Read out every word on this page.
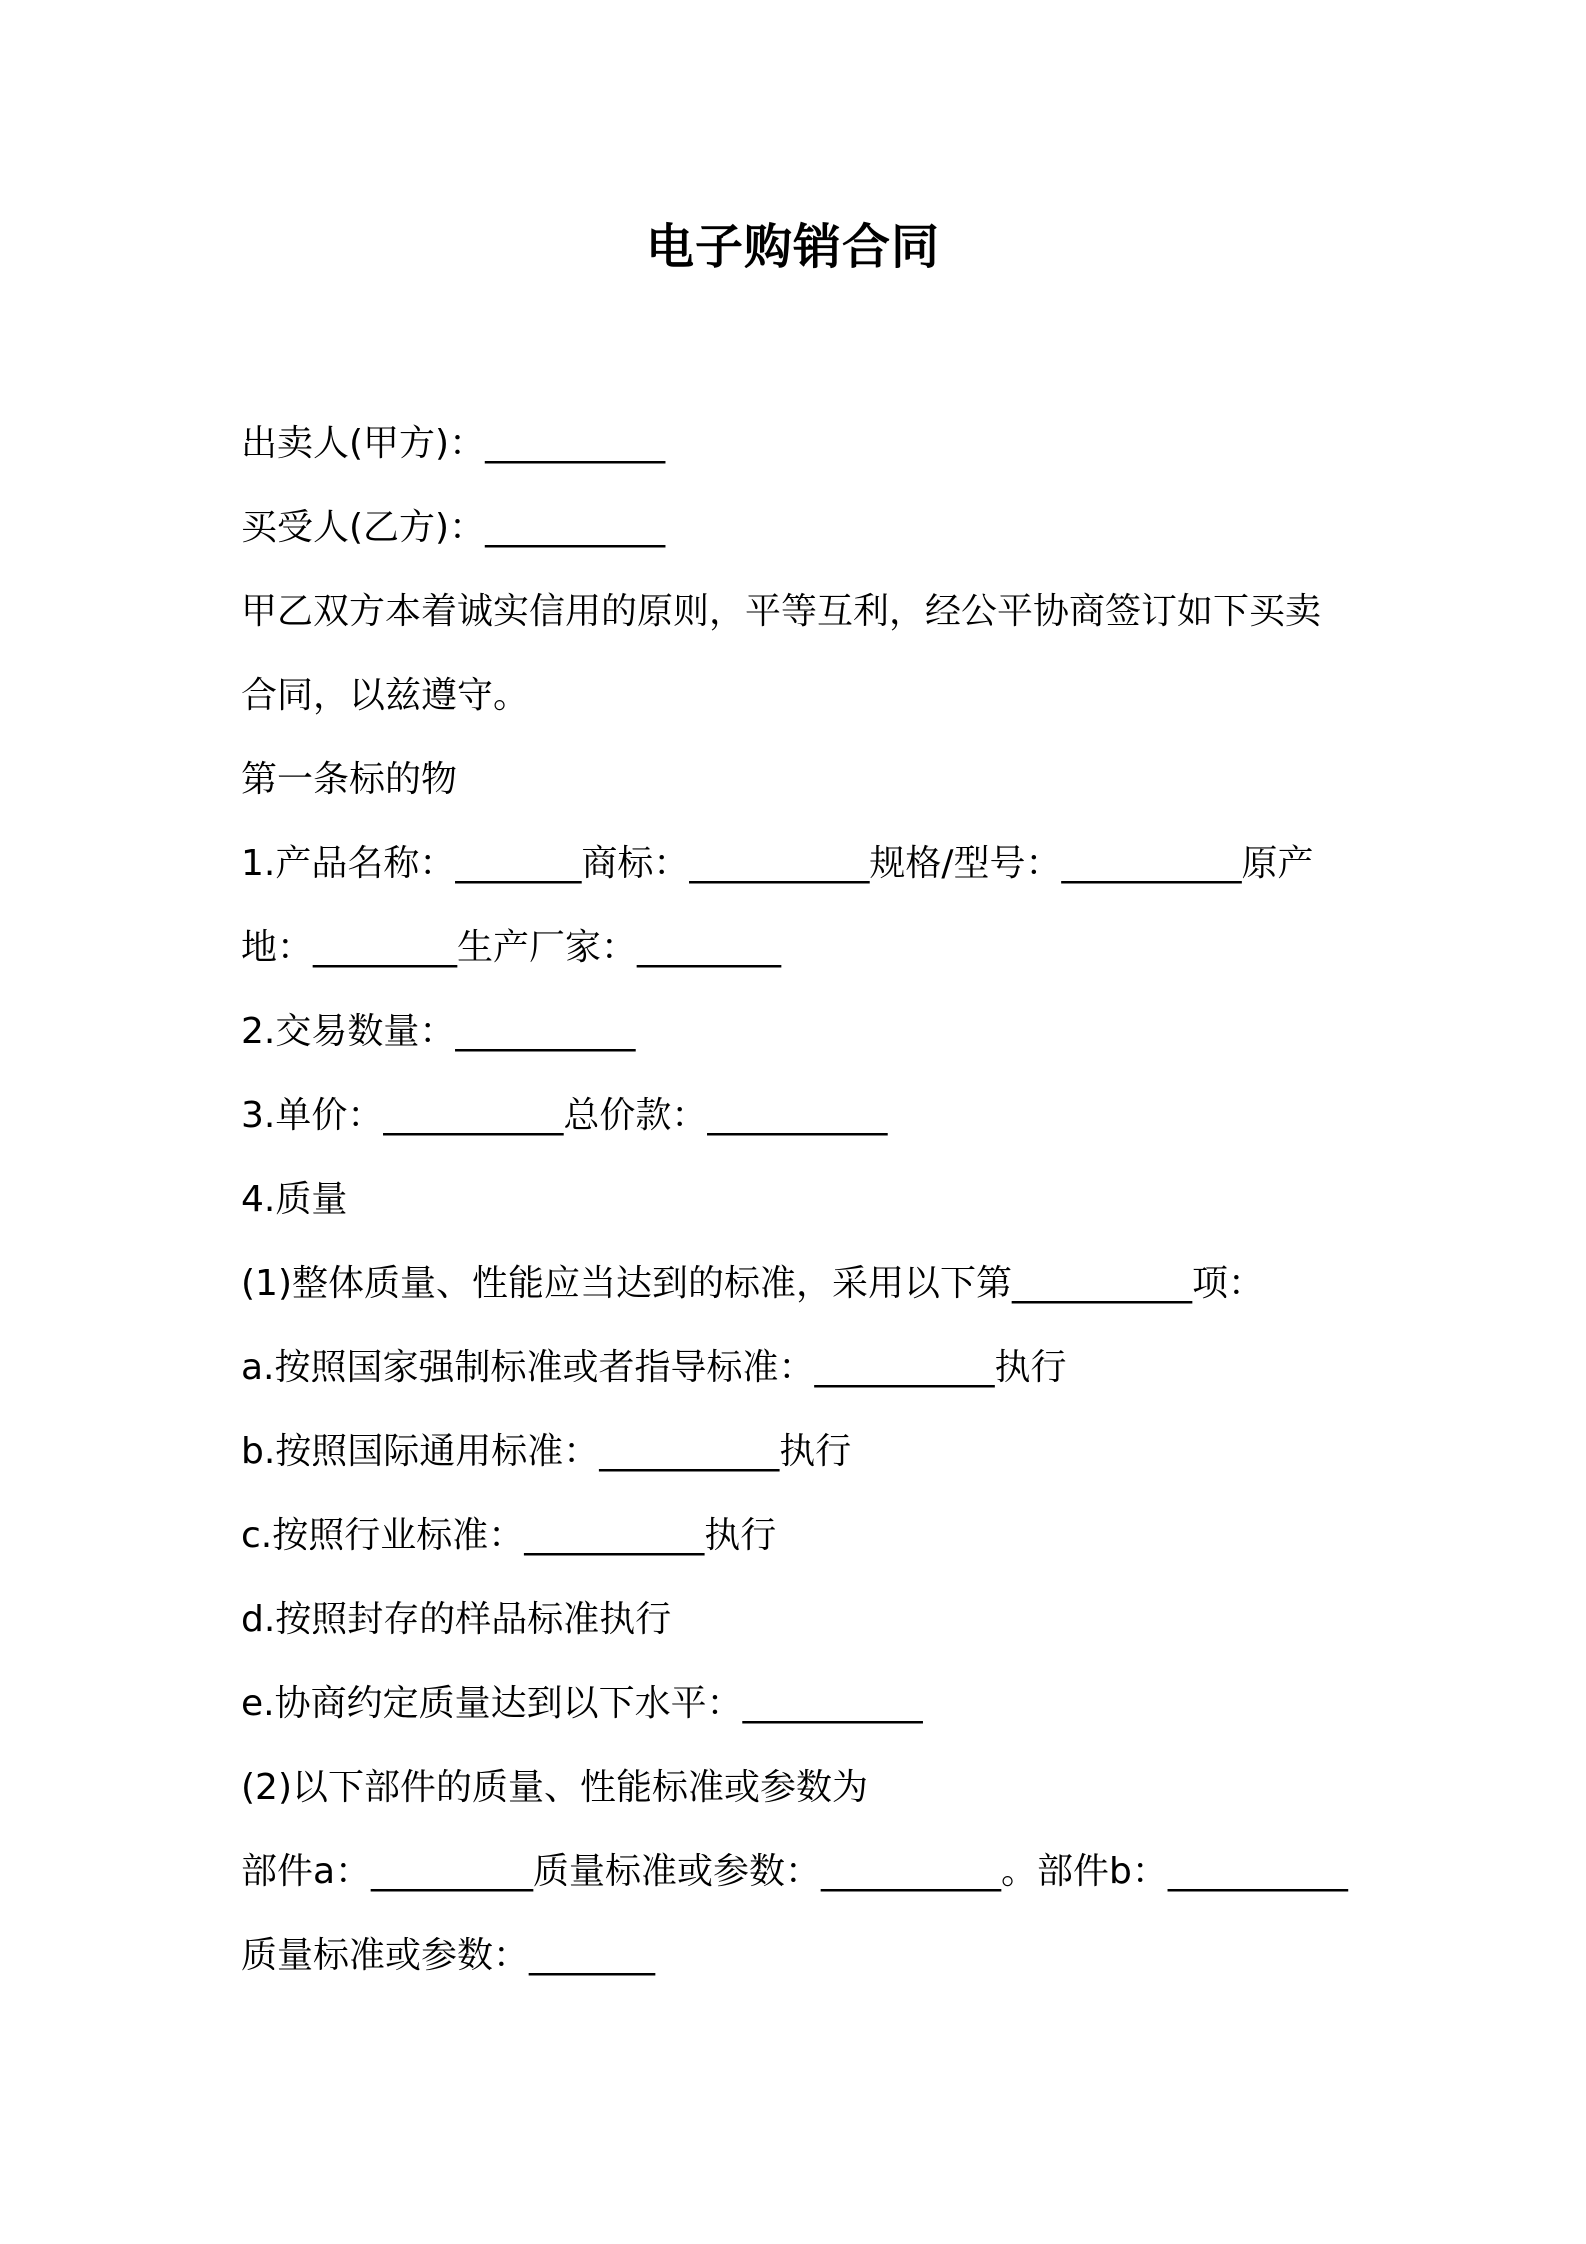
电子购销合同
出卖人(甲方)：__________
买受人(乙方)：__________
甲乙双方本着诚实信用的原则，平等互利，经公平协商签订如下买卖
合同，以兹遵守。
第一条标的物
1.产品名称：_______商标：__________规格/型号：__________原产
地：________生产厂家：________
2.交易数量：__________
3.单价：__________总价款：__________
4.质量
(1)整体质量、性能应当达到的标准，采用以下第__________项：
a.按照国家强制标准或者指导标准：__________执行
b.按照国际通用标准：__________执行
c.按照行业标准：__________执行
d.按照封存的样品标准执行
e.协商约定质量达到以下水平：__________
(2)以下部件的质量、性能标准或参数为
部件a：_________质量标准或参数：__________。部件b：__________
质量标准或参数：_______
